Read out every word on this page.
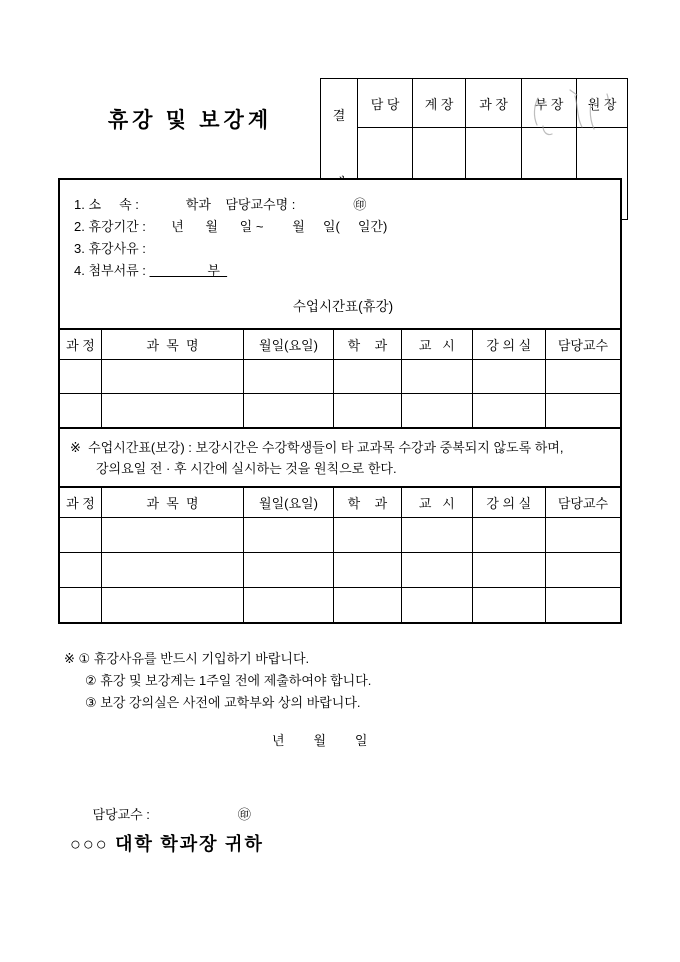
휴강 및 보강계

	결	담 당	계 장	과 장	부 장	원 장

1. 소     속 :             학과    담당교수명 :	㊞
2. 휴강기간 :       년      월      일 ~        월     일(     일간)
3. 휴강사유 :
4. 첨부서류 :                 부
수업시간표(휴강)
과 정	과  목  명	월일(요일)	학    과	교   시	강 의 실	담당교수

※  수업시간표(보강) : 보강시간은 수강학생들이 타 교과목 수강과 중복되지 않도록 하며,
강의요일 전 · 후 시간에 실시하는 것을 원칙으로 한다.
과 정	과  목  명	월일(요일)	학    과	교   시	강 의 실	담당교수

※ ① 휴강사유를 반드시 기입하기 바랍니다.
② 휴강 및 보강계는 1주일 전에 제출하여야 합니다.
③ 보강 강의실은 사전에 교학부와 상의 바랍니다.
년        월        일

담당교수 :	㊞

○○○ 대학 학과장 귀하
